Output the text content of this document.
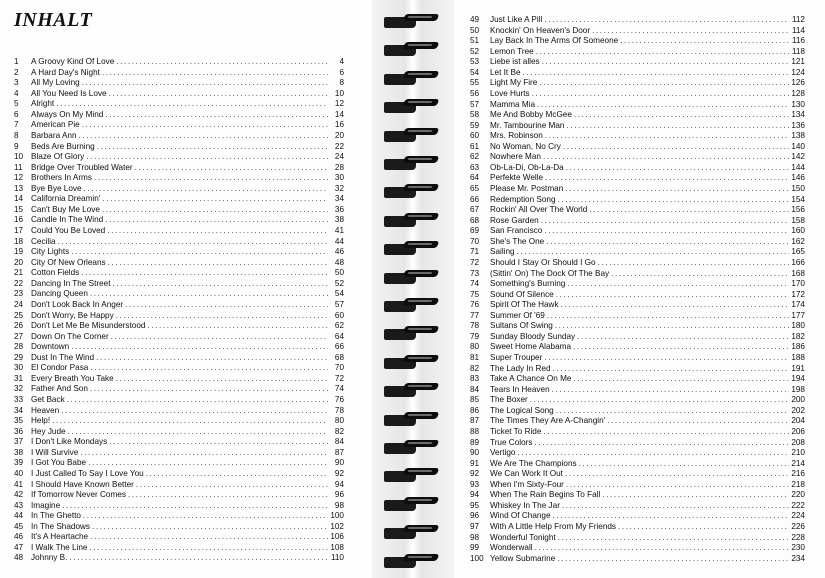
INHALT
1	A Groovy Kind Of Love .....	4
2	A Hard Day's Night .....	6
3	All My Loving .....	8
4	All You Need Is Love .....	10
5	Alright .....	12
6	Always On My Mind .....	14
7	American Pie .....	16
8	Barbara Ann .....	20
9	Beds Are Burning .....	22
10 Blaze Of Glory .....	24
11	Bridge Over Troubled Water .....	28
12 Brothers In Arms .....	30
13 Bye Bye Love .....	32
14 California Dreamin' .....	34
15 Can't Buy Me Love .....	36
16 Candle In The Wind .....	38
17 Could You Be Loved .....	41
18 Cecilia .....	44
19 City Lights .....	46
20 City Of New Orleans .....	48
21 Cotton Fields .....	50
22 Dancing In The Street .....	52
23 Dancing Queen .....	54
24 Don't Look Back In Anger .....	57
25 Don't Worry, Be Happy .....	60
26 Don't Let Me Be Misunderstood .....	62
27 Down On The Corner .....	64
28 Downtown .....	66
29 Dust In The Wind .....	68
30 El Condor Pasa .....	70
31 Every Breath You Take .....	72
32 Father And Son .....	74
33 Get Back .....	76
34 Heaven .....	78
35 Help! .....	80
36 Hey Jude .....	82
37 I Don't Like Mondays .....	84
38 I Will Survive .....	87
39 I Got You Babe .....	90
40 I Just Called To Say I Love You .....	92
41 I Should Have Known Better .....	94
42 If Tomorrow Never Comes .....	96
43 Imagine .....	98
44 In The Ghetto .....	100
45 In The Shadows .....	102
46 It's A Heartache .....	106
47 I Walk The Line .....	108
48 Johnny B. .....	110
49	Just Like A Pill .....	112
50	Knockin' On Heaven's Door .....	114
51	Lay Back In The Arms Of Someone .....	116
52	Lemon Tree .....	118
53	Liebe ist alles .....	121
54	Let It Be .....	124
55	Light My Fire .....	126
56	Love Hurts .....	128
57	Mamma Mia .....	130
58	Me And Bobby McGee .....	134
59	Mr. Tambourine Man .....	136
60	Mrs. Robinson .....	138
61	No Woman, No Cry .....	140
62	Nowhere Man .....	142
63	Ob-La-Di, Ob-La-Da .....	144
64	Perfekte Welle .....	146
65	Please Mr. Postman .....	150
66	Redemption Song .....	154
67	Rockin' All Over The World .....	156
68	Rose Garden .....	158
69	San Francisco .....	160
70	She's The One .....	162
71	Sailing .....	165
72	Should I Stay Or Should I Go .....	166
73	(Sittin' On) The Dock Of The Bay .....	168
74	Something's Burning .....	170
75	Sound Of Silence .....	172
76	Spirit Of The Hawk .....	174
77	Summer Of '69 .....	177
78	Sultans Of Swing .....	180
79	Sunday Bloody Sunday .....	182
80	Sweet Home Alabama .....	186
81	Super Trouper .....	188
82	The Lady In Red .....	191
83	Take A Chance On Me .....	194
84	Tears In Heaven .....	198
85	The Boxer .....	200
86	The Logical Song .....	202
87	The Times They Are A-Changin' .....	204
88	Ticket To Ride .....	206
89	True Colors .....	208
90	Vertigo .....	210
91	We Are The Champions .....	214
92	We Can Work It Out .....	216
93	When I'm Sixty-Four .....	218
94	When The Rain Begins To Fall .....	220
95	Whiskey In The Jar .....	222
96	Wind Of Change .....	224
97	With A Little Help From My Friends .....	226
98	Wonderful Tonight .....	228
99	Wonderwall .....	230
100 Yellow Submarine .....	234
